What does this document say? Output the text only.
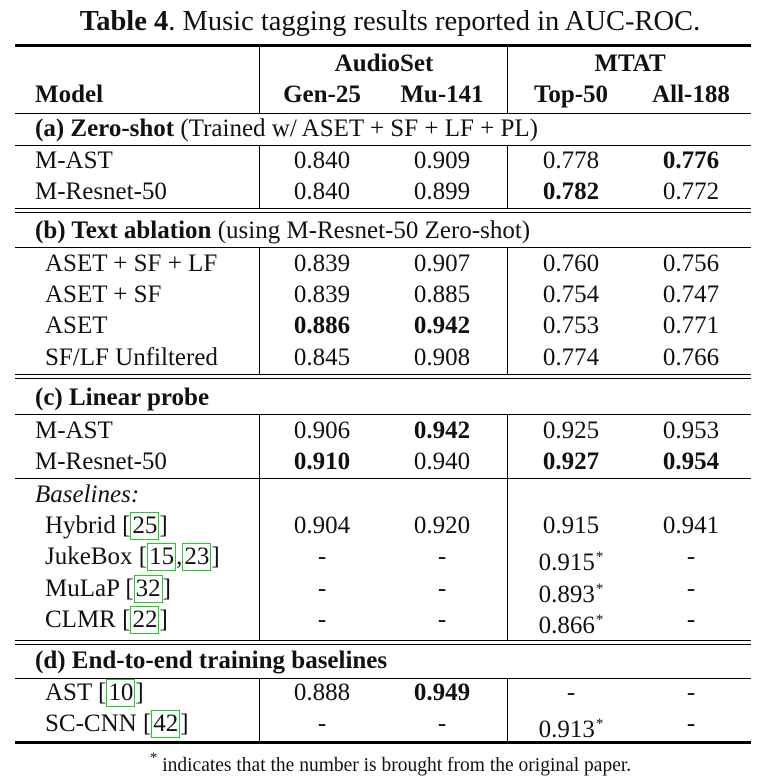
Table 4. Music tagging results reported in AUC-ROC.
AudioSet	MTAT
Model	Gen-25	Mu-141	Top-50	All-188
(a) Zero-shot (Trained w/ ASET + SF + LF + PL)
M-AST	0.840	0.909	0.778	0.776
M-Resnet-50	0.840	0.899	0.782	0.772
(b) Text ablation (using M-Resnet-50 Zero-shot)
ASET + SF + LF	0.839	0.907	0.760	0.756
ASET + SF	0.839	0.885	0.754	0.747
ASET	0.886	0.942	0.753	0.771
SF/LF Unfiltered	0.845	0.908	0.774	0.766
(c) Linear probe
M-AST	0.906	0.942	0.925	0.953
M-Resnet-50	0.910	0.940	0.927	0.954
Baselines:
Hybrid [25]	0.904	0.920	0.915	0.941
JukeBox [15,23]	-	-	0.915*	-
MuLaP [32]	-	-	0.893*	-
CLMR [22]	-	-	0.866*	-
(d) End-to-end training baselines
AST [10]	0.888	0.949	-	-
SC-CNN [42]	-	-	0.913*	-
* indicates that the number is brought from the original paper.
